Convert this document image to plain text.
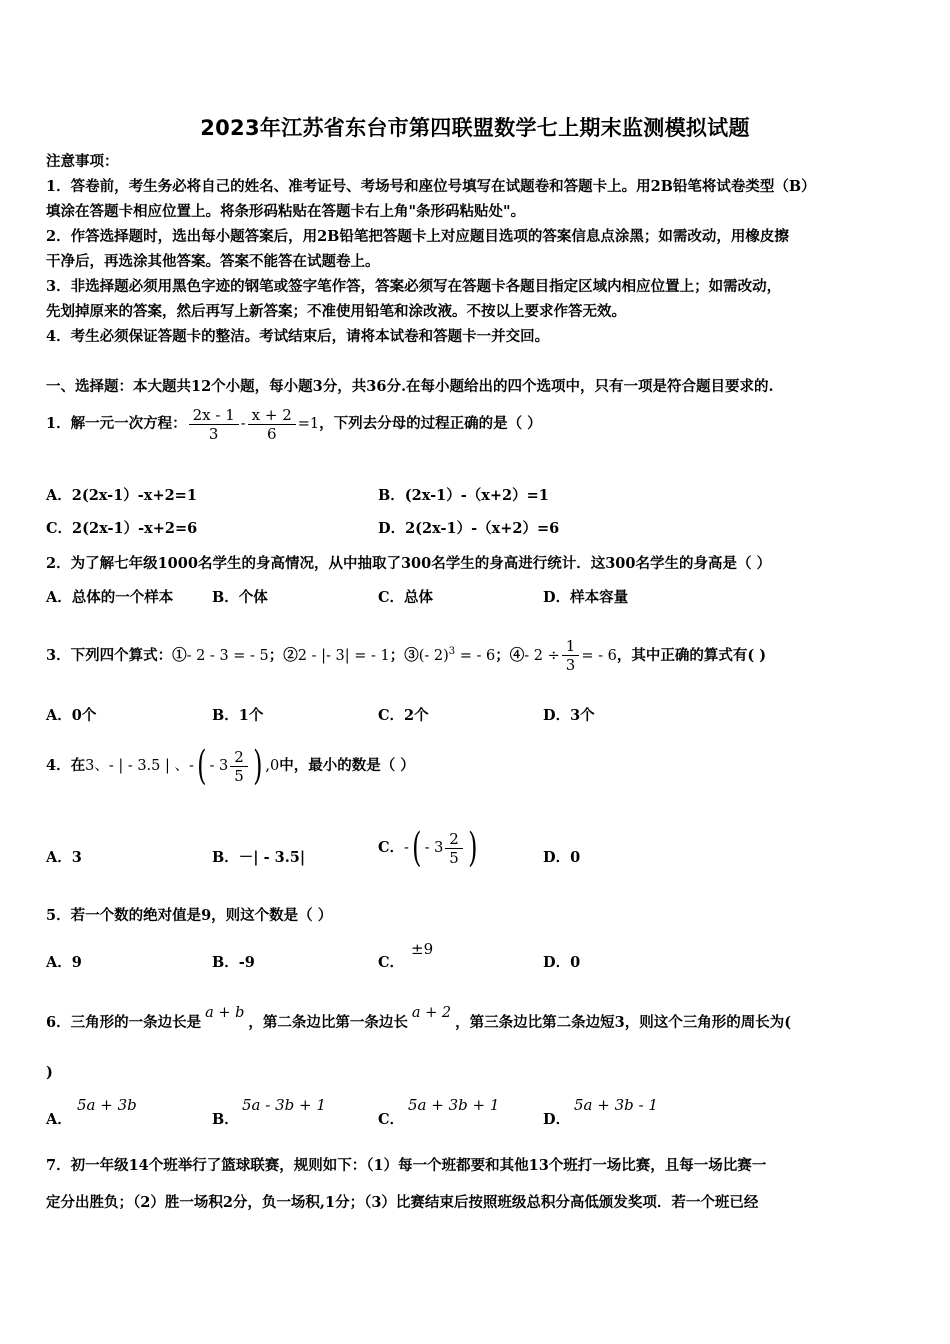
2023年江苏省东台市第四联盟数学七上期末监测模拟试题
注意事项：
1．答卷前，考生务必将自己的姓名、准考证号、考场号和座位号填写在试题卷和答题卡上。用2B铅笔将试卷类型（B）
填涂在答题卡相应位置上。将条形码粘贴在答题卡右上角"条形码粘贴处"。
2．作答选择题时，选出每小题答案后，用2B铅笔把答题卡上对应题目选项的答案信息点涂黑；如需改动，用橡皮擦
干净后，再选涂其他答案。答案不能答在试题卷上。
3．非选择题必须用黑色字迹的钢笔或签字笔作答，答案必须写在答题卡各题目指定区域内相应位置上；如需改动，
先划掉原来的答案，然后再写上新答案；不准使用铅笔和涂改液。不按以上要求作答无效。
4．考生必须保证答题卡的整洁。考试结束后，请将本试卷和答题卡一并交回。
一、选择题：本大题共12个小题，每小题3分，共36分.在每小题给出的四个选项中，只有一项是符合题目要求的.
1．解一元一次方程： $\frac{2x - 1}{3} - \frac{x + 2}{6} =1$，下列去分母的过程正确的是（ ）
A．2(2x-1）-x+2=1	B．(2x-1）-（x+2）=1
C．2(2x-1）-x+2=6	D．2(2x-1）-（x+2）=6
2．为了解七年级1000名学生的身高情况，从中抽取了300名学生的身高进行统计．这300名学生的身高是（ ）
A．总体的一个样本	B．个体	C．总体	D．样本容量
3．下列四个算式：①- 2 - 3 = - 5；②2 - |- 3| = - 1；③(- 2)$^3$ = - 6；④- $2 \div \frac{1}{3}$ = - 6，其中正确的算式有( )
A．0个	B．1个	C．2个	D．3个
4．在3、- | - 3.5 | 、-( - $3 \frac{2}{5}$ ) ,0中，最小的数是（ ）
A．3	B．－| - 3.5|
C．-( - $3 \frac{2}{5}$ )	D．0
5．若一个数的绝对值是9，则这个数是（ ）
A．9	B．-9	C．
±9
D．0
6．三角形的一条边长是a + b，第二条边比第一条边长a + 2，第三条边比第二条边短3，则这个三角形的周长为(
)
A．
5a + 3b
B．
5a - 3b + 1
C．
5a + 3b + 1
D．
5a + 3b - 1
7．初一年级14个班举行了篮球联赛，规则如下：（1）每一个班都要和其他13个班打一场比赛，且每一场比赛一
定分出胜负；（2）胜一场积2分，负一场积,1分；（3）比赛结束后按照班级总积分高低颁发奖项．若一个班已经
